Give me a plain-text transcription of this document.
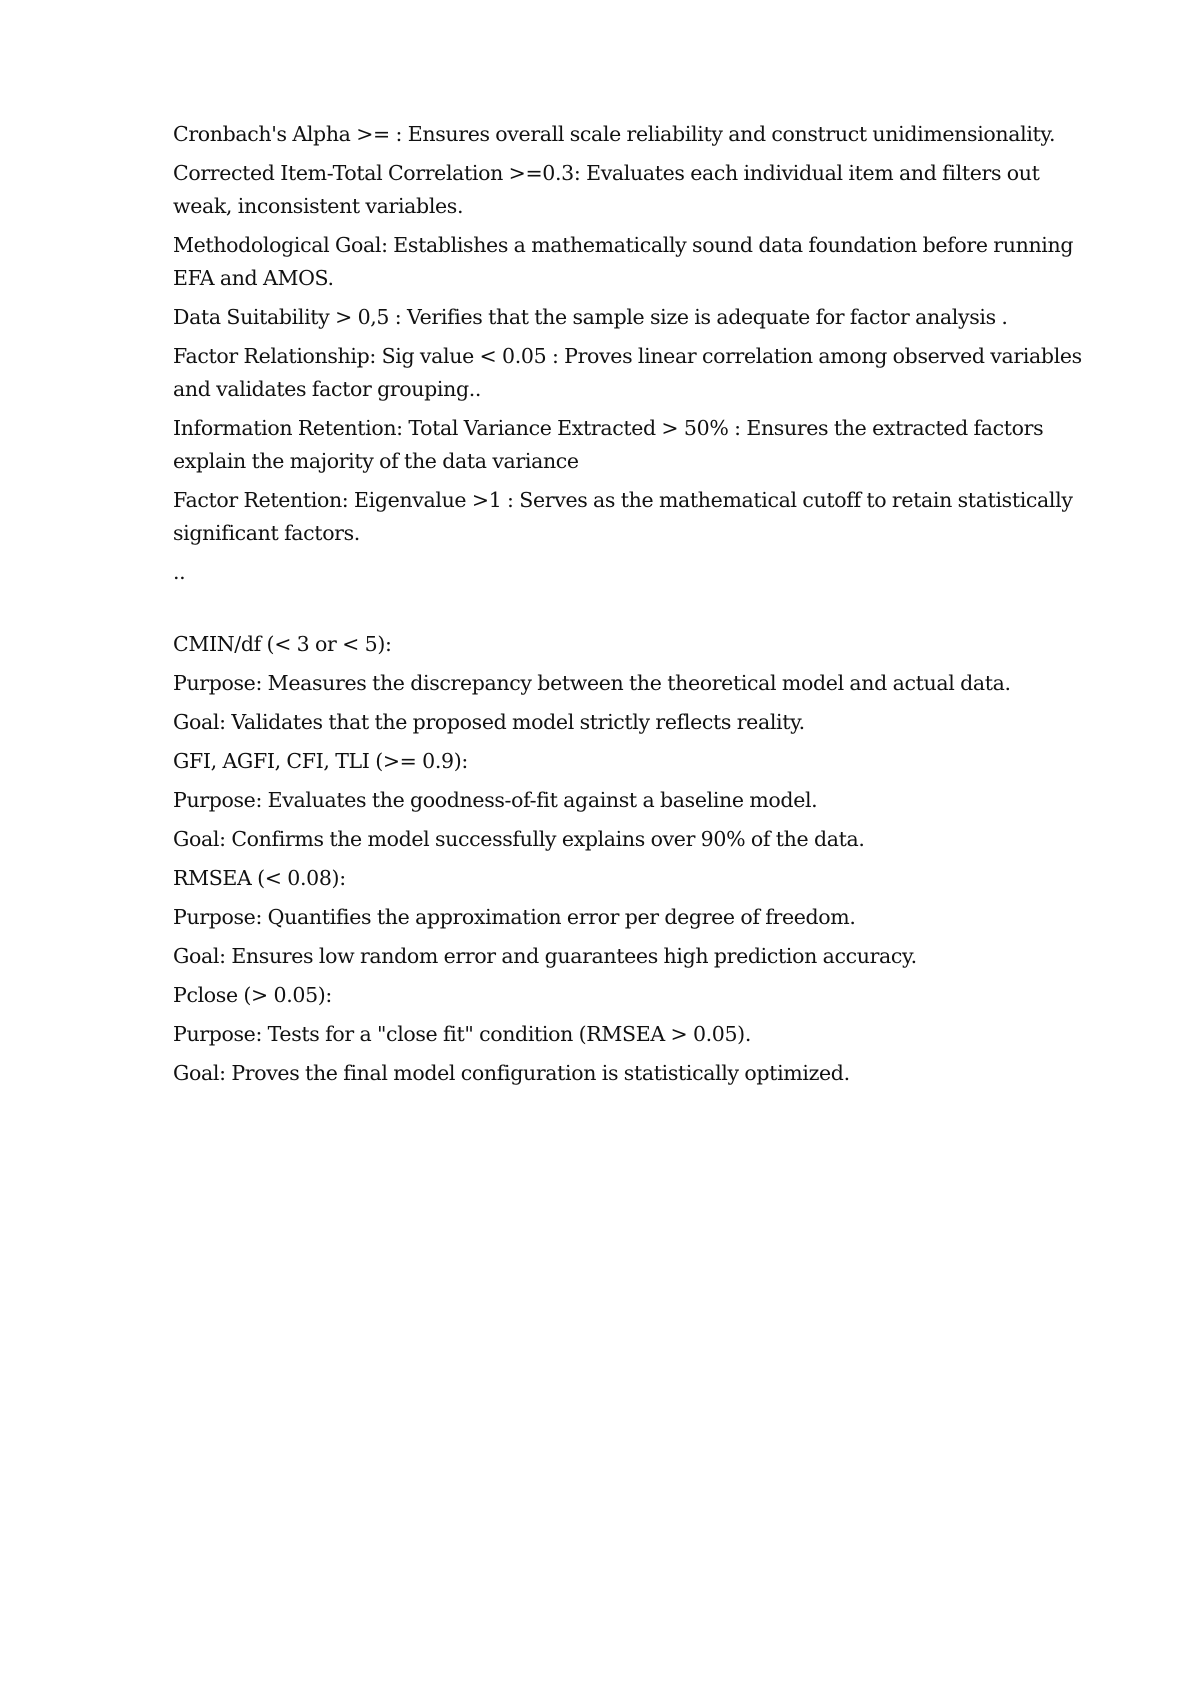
Cronbach's Alpha >= : Ensures overall scale reliability and construct unidimensionality.

Corrected Item-Total Correlation >=0.3: Evaluates each individual item and filters out weak, inconsistent variables.

Methodological Goal: Establishes a mathematically sound data foundation before running EFA and AMOS.

Data Suitability > 0,5 : Verifies that the sample size is adequate for factor analysis .

Factor Relationship: Sig value < 0.05 : Proves linear correlation among observed variables and validates factor grouping..

Information Retention: Total Variance Extracted > 50% : Ensures the extracted factors explain the majority of the data variance

Factor Retention: Eigenvalue >1 : Serves as the mathematical cutoff to retain statistically significant factors.

..

CMIN/df (< 3 or < 5):

Purpose: Measures the discrepancy between the theoretical model and actual data.

Goal: Validates that the proposed model strictly reflects reality.

GFI, AGFI, CFI, TLI (>= 0.9):

Purpose: Evaluates the goodness-of-fit against a baseline model.

Goal: Confirms the model successfully explains over 90% of the data.

RMSEA (< 0.08):

Purpose: Quantifies the approximation error per degree of freedom.

Goal: Ensures low random error and guarantees high prediction accuracy.

Pclose (> 0.05):

Purpose: Tests for a "close fit" condition (RMSEA > 0.05).

Goal: Proves the final model configuration is statistically optimized.
